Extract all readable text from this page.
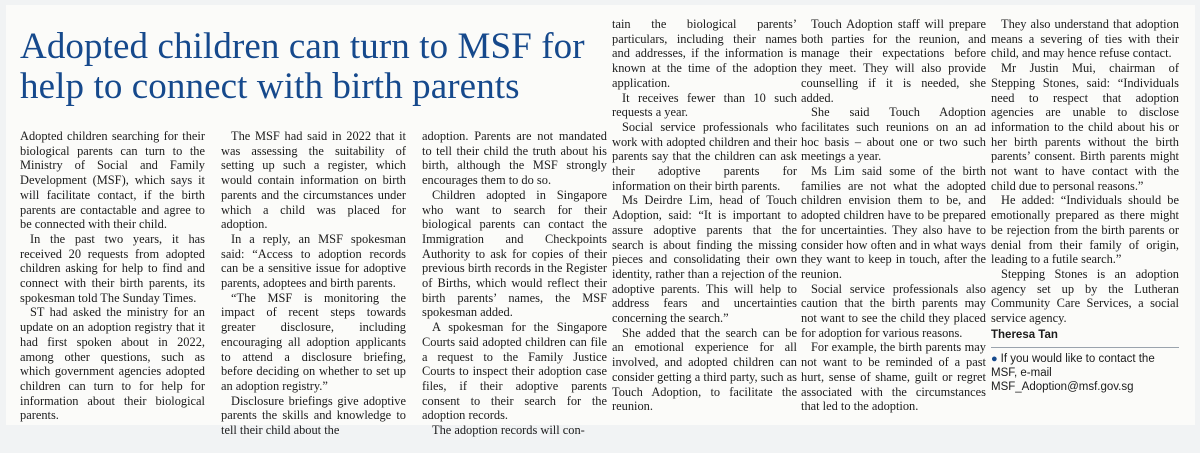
Adopted children can turn to MSF for help to connect with birth parents

Adopted children searching for their biological parents can turn to the Ministry of Social and Family Development (MSF), which says it will facilitate contact, if the birth parents are contactable and agree to be connected with their child.

In the past two years, it has received 20 requests from adopted children asking for help to find and connect with their birth parents, its spokesman told The Sunday Times.

ST had asked the ministry for an update on an adoption registry that it had first spoken about in 2022, among other questions, such as which government agencies adopted children can turn to for help for information about their biological parents.

The MSF had said in 2022 that it was assessing the suitability of setting up such a register, which would contain information on birth parents and the circumstances under which a child was placed for adoption.

In a reply, an MSF spokesman said: “Access to adoption records can be a sensitive issue for adoptive parents, adoptees and birth parents.

“The MSF is monitoring the impact of recent steps towards greater disclosure, including encouraging all adoption applicants to attend a disclosure briefing, before deciding on whether to set up an adoption registry.”

Disclosure briefings give adoptive parents the skills and knowledge to tell their child about the

adoption. Parents are not mandated to tell their child the truth about his birth, although the MSF strongly encourages them to do so.

Children adopted in Singapore who want to search for their biological parents can contact the Immigration and Checkpoints Authority to ask for copies of their previous birth records in the Register of Births, which would reflect their birth parents’ names, the MSF spokesman added.

A spokesman for the Singapore Courts said adopted children can file a request to the Family Justice Courts to inspect their adoption case files, if their adoptive parents consent to their search for the adoption records.

The adoption records will con-

tain the biological parents’ particulars, including their names and addresses, if the information is known at the time of the adoption application.

It receives fewer than 10 such requests a year.

Social service professionals who work with adopted children and their parents say that the children can ask their adoptive parents for information on their birth parents.

Ms Deirdre Lim, head of Touch Adoption, said: “It is important to assure adoptive parents that the search is about finding the missing pieces and consolidating their own identity, rather than a rejection of the adoptive parents. This will help to address fears and uncertainties concerning the search.”

She added that the search can be an emotional experience for all involved, and adopted children can consider getting a third party, such as Touch Adoption, to facilitate the reunion.

Touch Adoption staff will prepare both parties for the reunion, and manage their expectations before they meet. They will also provide counselling if it is needed, she added.

She said Touch Adoption facilitates such reunions on an ad hoc basis – about one or two such meetings a year.

Ms Lim said some of the birth families are not what the adopted children envision them to be, and adopted children have to be prepared for uncertainties. They also have to consider how often and in what ways they want to keep in touch, after the reunion.

Social service professionals also caution that the birth parents may not want to see the child they placed for adoption for various reasons.

For example, the birth parents may not want to be reminded of a past hurt, sense of shame, guilt or regret associated with the circumstances that led to the adoption.

They also understand that adoption means a severing of ties with their child, and may hence refuse contact.

Mr Justin Mui, chairman of Stepping Stones, said: “Individuals need to respect that adoption agencies are unable to disclose information to the child about his or her birth parents without the birth parents’ consent. Birth parents might not want to have contact with the child due to personal reasons.”

He added: “Individuals should be emotionally prepared as there might be rejection from the birth parents or denial from their family of origin, leading to a futile search.”

Stepping Stones is an adoption agency set up by the Lutheran Community Care Services, a social service agency.

Theresa Tan
● If you would like to contact the MSF, e-mail MSF_Adoption@msf.gov.sg
